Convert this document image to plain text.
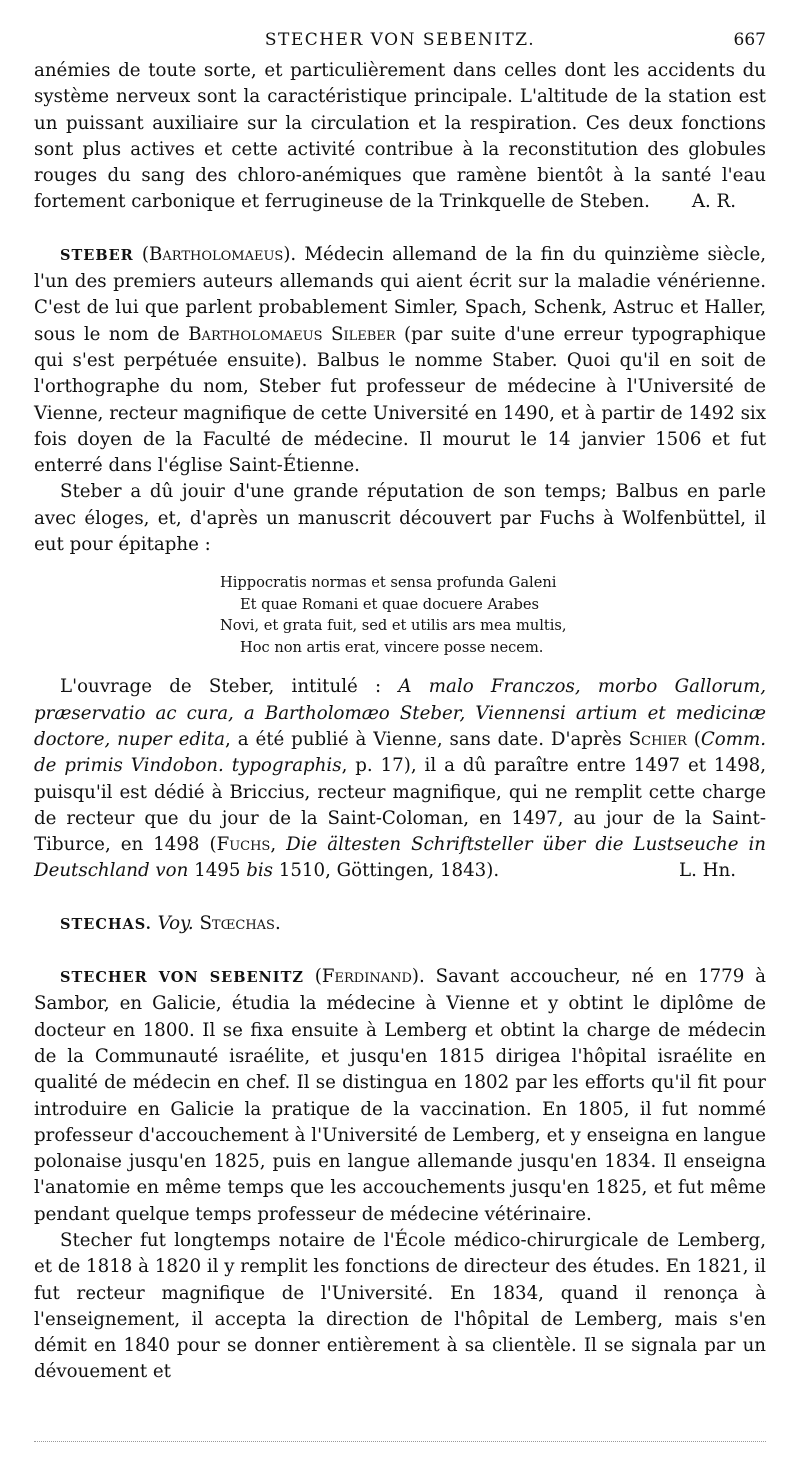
STECHER VON SEBENITZ.	667

anémies de toute sorte, et particulièrement dans celles dont les accidents du système nerveux sont la caractéristique principale. L'altitude de la station est un puissant auxiliaire sur la circulation et la respiration. Ces deux fonctions sont plus actives et cette activité contribue à la reconstitution des globules rouges du sang des chloro-anémiques que ramène bientôt à la santé l'eau fortement carbonique et ferrugineuse de la Trinkquelle de Steben. A. R.

STEBER (Bartholomaeus). Médecin allemand de la fin du quinzième siècle, l'un des premiers auteurs allemands qui aient écrit sur la maladie vénérienne. C'est de lui que parlent probablement Simler, Spach, Schenk, Astruc et Haller, sous le nom de Bartholomaeus Sileber (par suite d'une erreur typographique qui s'est perpétuée ensuite). Balbus le nomme Staber. Quoi qu'il en soit de l'orthographe du nom, Steber fut professeur de médecine à l'Université de Vienne, recteur magnifique de cette Université en 1490, et à partir de 1492 six fois doyen de la Faculté de médecine. Il mourut le 14 janvier 1506 et fut enterré dans l'église Saint-Étienne.

Steber a dû jouir d'une grande réputation de son temps; Balbus en parle avec éloges, et, d'après un manuscrit découvert par Fuchs à Wolfenbüttel, il eut pour épitaphe :

Hippocratis normas et sensa profunda Galeni
Et quae Romani et quae docuere Arabes
Novi, et grata fuit, sed et utilis ars mea multis,
Hoc non artis erat, vincere posse necem.

L'ouvrage de Steber, intitulé : A malo Franczos, morbo Gallorum, præservatio ac cura, a Bartholomæo Steber, Viennensi artium et medicinæ doctore, nuper edita, a été publié à Vienne, sans date. D'après Schier (Comm. de primis Vindobon. typographis, p. 17), il a dû paraître entre 1497 et 1498, puisqu'il est dédié à Briccius, recteur magnifique, qui ne remplit cette charge de recteur que du jour de la Saint-Coloman, en 1497, au jour de la Saint-Tiburce, en 1498 (Fuchs, Die ältesten Schriftsteller über die Lustseuche in Deutschland von 1495 bis 1510, Göttingen, 1843).	L. Hn.

STECHAS. Voy. Stœchas.

STECHER VON SEBENITZ (Ferdinand). Savant accoucheur, né en 1779 à Sambor, en Galicie, étudia la médecine à Vienne et y obtint le diplôme de docteur en 1800. Il se fixa ensuite à Lemberg et obtint la charge de médecin de la Communauté israélite, et jusqu'en 1815 dirigea l'hôpital israélite en qualité de médecin en chef. Il se distingua en 1802 par les efforts qu'il fit pour introduire en Galicie la pratique de la vaccination. En 1805, il fut nommé professeur d'accouchement à l'Université de Lemberg, et y enseigna en langue polonaise jusqu'en 1825, puis en langue allemande jusqu'en 1834. Il enseigna l'anatomie en même temps que les accouchements jusqu'en 1825, et fut même pendant quelque temps professeur de médecine vétérinaire.

Stecher fut longtemps notaire de l'École médico-chirurgicale de Lemberg, et de 1818 à 1820 il y remplit les fonctions de directeur des études. En 1821, il fut recteur magnifique de l'Université. En 1834, quand il renonça à l'enseignement, il accepta la direction de l'hôpital de Lemberg, mais s'en démit en 1840 pour se donner entièrement à sa clientèle. Il se signala par un dévouement et
